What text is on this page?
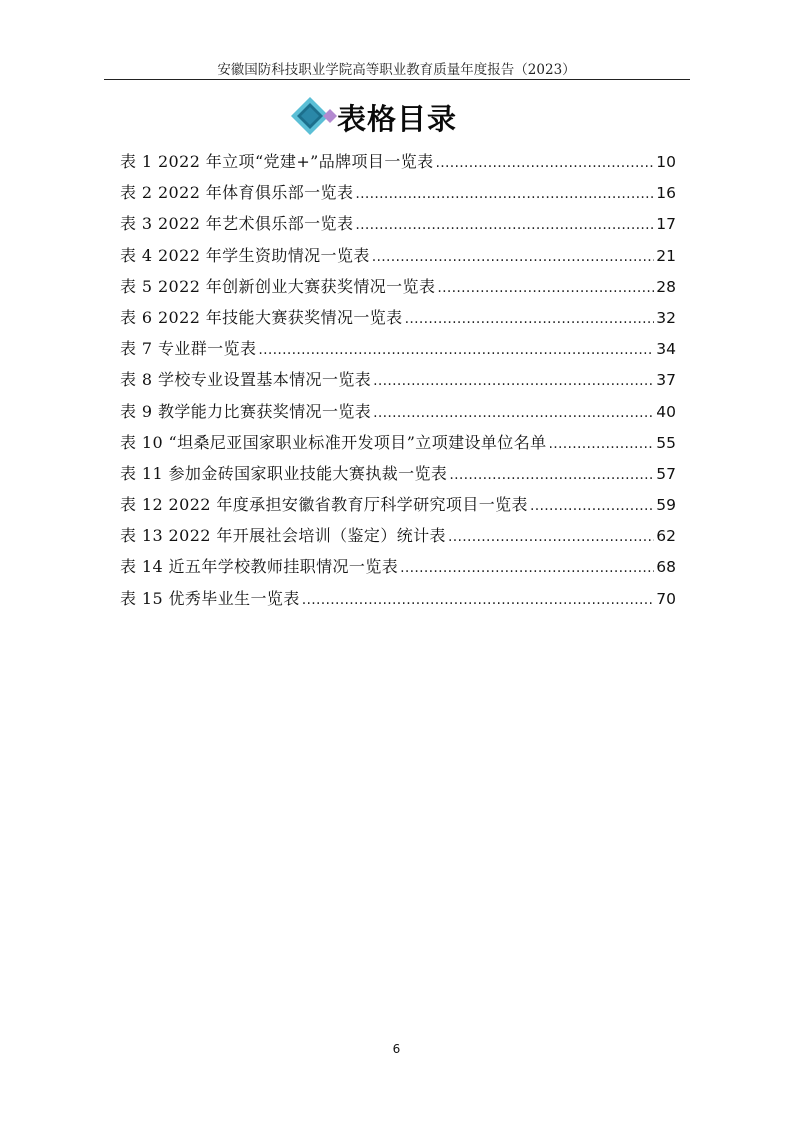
安徽国防科技职业学院高等职业教育质量年度报告（2023）
表格目录
表 1 2022 年立项“党建+”品牌项目一览表 .....	10
表 2 2022 年体育俱乐部一览表 .....	16
表 3 2022 年艺术俱乐部一览表 .....	17
表 4 2022 年学生资助情况一览表 .....	21
表 5 2022 年创新创业大赛获奖情况一览表 .....	28
表 6 2022 年技能大赛获奖情况一览表 .....	32
表 7 专业群一览表 .....	34
表 8 学校专业设置基本情况一览表 .....	37
表 9 教学能力比赛获奖情况一览表 .....	40
表 10 “坦桑尼亚国家职业标准开发项目”立项建设单位名单 .....	55
表 11 参加金砖国家职业技能大赛执裁一览表 .....	57
表 12 2022 年度承担安徽省教育厅科学研究项目一览表 .....	59
表 13 2022 年开展社会培训（鉴定）统计表 .....	62
表 14 近五年学校教师挂职情况一览表 .....	68
表 15 优秀毕业生一览表 .....	70
6
